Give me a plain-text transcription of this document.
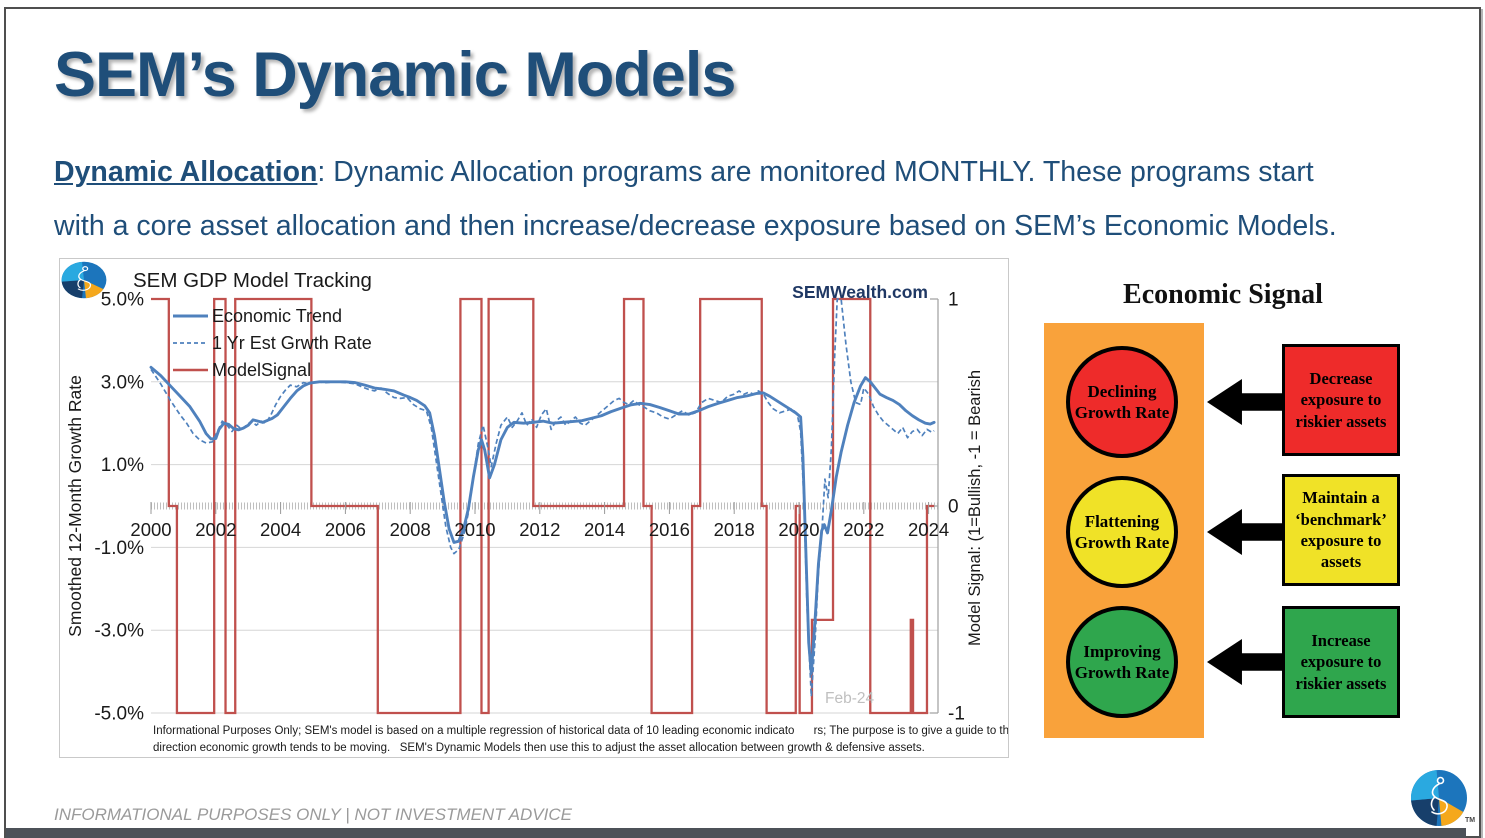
SEM’s Dynamic Models
Dynamic Allocation: Dynamic Allocation programs are monitored MONTHLY. These programs start
with a core asset allocation and then increase/decrease exposure based on SEM’s Economic Models.
2000 2002 2004 2006 2008 2010 2012 2014 2016 2018 2020 2022 2024
5.0%
3.0%
1.0%
-1.0%
-3.0%
-5.0%
1
0
-1
SEM GDP Model Tracking	SEMWealth.com
Economic Trend
1 Yr Est Grwth Rate
ModelSignal
Smoothed 12-Month Growth Rate	Model Signal: (1=Bullish, -1 = Bearish
Feb-24
Informational Purposes Only; SEM's model is based on a multiple regression of historical data of 10 leading economic indicato      rs; The purpose is to give a guide to the
direction economic growth tends to be moving.   SEM's Dynamic Models then use this to adjust the asset allocation between growth & defensive assets.
Economic Signal
Declining Growth Rate
Flattening Growth Rate
Improving Growth Rate
Decrease exposure to riskier assets
Maintain a ‘benchmark’ exposure to assets
Increase exposure to riskier assets
INFORMATIONAL PURPOSES ONLY | NOT INVESTMENT ADVICE	TM
